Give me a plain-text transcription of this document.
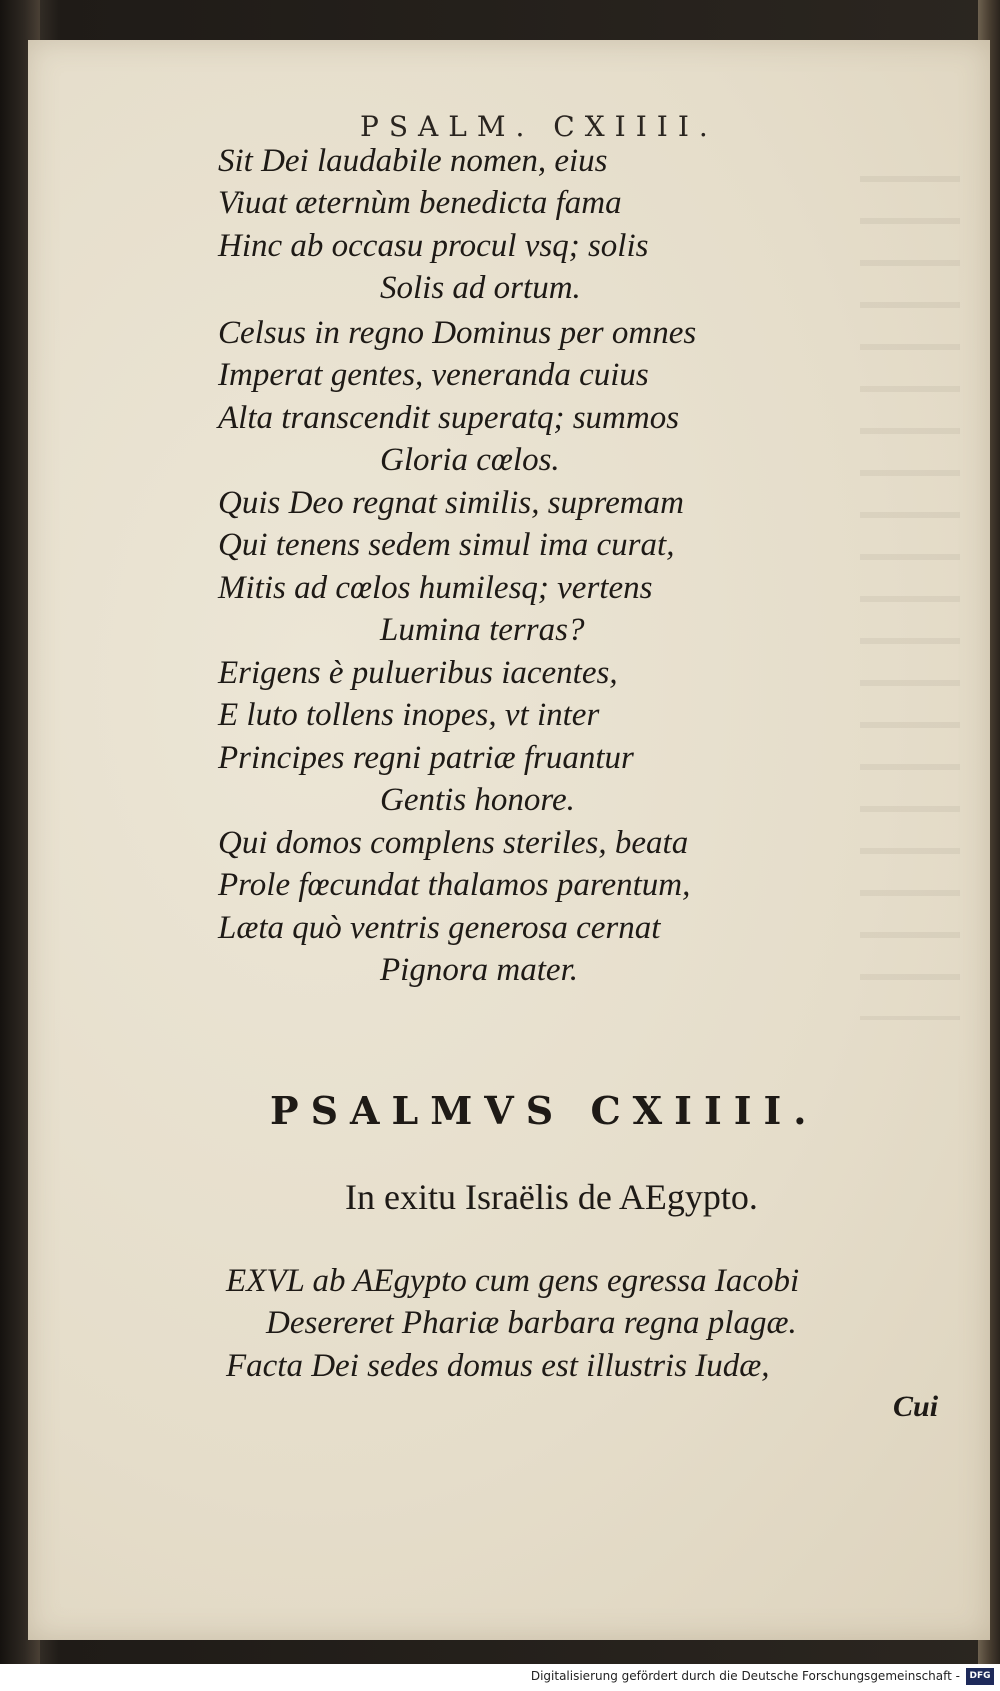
PSALM. CXIIII.
Sit Dei laudabile nomen, eius
Viuat æternùm benedicta fama
Hinc ab occasu procul vsq; solis
Solis ad ortum.
Celsus in regno Dominus per omnes
Imperat gentes, veneranda cuius
Alta transcendit superatq; summos
Gloria cœlos.
Quis Deo regnat similis, supremam
Qui tenens sedem simul ima curat,
Mitis ad cœlos humilesq; vertens
Lumina terras?
Erigens è pulueribus iacentes,
E luto tollens inopes, vt inter
Principes regni patriæ fruantur
Gentis honore.
Qui domos complens steriles, beata
Prole fœcundat thalamos parentum,
Læta quò ventris generosa cernat
Pignora mater.
PSALMVS CXIIII.
In exitu Israëlis de AEgypto.
EXVL ab AEgypto cum gens egressa Iacobi
Desereret Phariæ barbara regna plagæ.
Facta Dei sedes domus est illustris Iudæ,
Cui
Digitalisierung gefördert durch die Deutsche Forschungsgemeinschaft -	DFG
